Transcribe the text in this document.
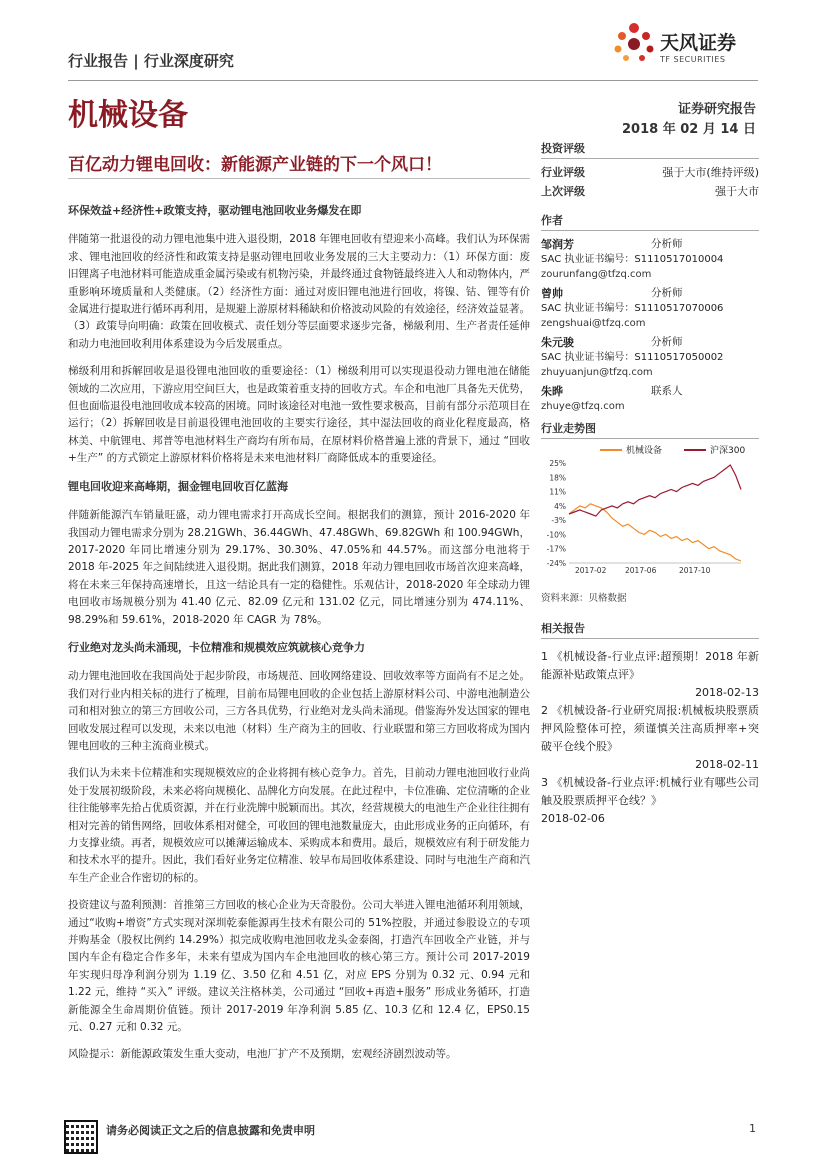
行业报告 | 行业深度研究
天风证券
TF SECURITIES
机械设备	证券研究报告
2018 年 02 月 14 日
百亿动力锂电回收：新能源产业链的下一个风口！
环保效益+经济性+政策支持，驱动锂电池回收业务爆发在即

伴随第一批退役的动力锂电池集中进入退役期，2018 年锂电回收有望迎来小高峰。我们认为环保需求、锂电池回收的经济性和政策支持是驱动锂电回收业务发展的三大主要动力：（1）环保方面：废旧锂离子电池材料可能造成重金属污染或有机物污染，并最终通过食物链最终进入人和动物体内，严重影响环境质量和人类健康。（2）经济性方面：通过对废旧锂电池进行回收，将镍、钴、锂等有价金属进行提取进行循环再利用，是规避上游原材料稀缺和价格波动风险的有效途径，经济效益显著。（3）政策导向明确：政策在回收模式、责任划分等层面要求逐步完备，梯級利用、生产者责任延伸和动力电池回收利用体系建设为今后发展重点。

梯级利用和拆解回收是退役锂电池回收的重要途径：（1）梯级利用可以实现退役动力锂电池在储能领域的二次应用，下游应用空间巨大，也是政策着重支持的回收方式。车企和电池厂具备先天优势，但也面临退役电池回收成本较高的困境。同时该途径对电池一致性要求极高，目前有部分示范项目在运行；（2）拆解回收是目前退役锂电池回收的主要实行途径，其中湿法回收的商业化程度最高，格林美、中航锂电、邦普等电池材料生产商均有所布局，在原材料价格普遍上涨的背景下，通过 “回收+生产” 的方式锁定上游原材料价格将是未来电池材料厂商降低成本的重要途径。

锂电回收迎来高峰期，掘金锂电回收百亿蓝海

伴随新能源汽车销量旺盛，动力锂电需求打开高成长空间。根据我们的测算，预计 2016-2020 年我国动力锂电需求分别为 28.21GWh、36.44GWh、47.48GWh、69.82GWh 和 100.94GWh，2017-2020 年同比增速分别为 29.17%、30.30%、47.05%和 44.57%。而这部分电池将于 2018 年-2025 年之间陆续进入退役期。据此我们测算，2018 年动力锂电回收市场首次迎来高峰，将在未来三年保持高速增长，且这一结论具有一定的稳健性。乐观估计，2018-2020 年全球动力锂电回收市场规模分别为 41.40 亿元、82.09 亿元和 131.02 亿元，同比增速分别为 474.11%、98.29%和 59.61%，2018-2020 年 CAGR 为 78%。

行业绝对龙头尚未涌现，卡位精准和规模效应筑就核心竞争力

动力锂电池回收在我国尚处于起步阶段，市场规范、回收网络建设、回收效率等方面尚有不足之处。我们对行业内相关标的进行了梳理，目前布局锂电回收的企业包括上游原材料公司、中游电池制造公司和相对独立的第三方回收公司，三方各具优势，行业绝对龙头尚未涌现。借鉴海外发达国家的锂电回收发展过程可以发现，未来以电池（材料）生产商为主的回收、行业联盟和第三方回收将成为国内锂电回收的三种主流商业模式。

我们认为未来卡位精准和实现规模效应的企业将拥有核心竞争力。首先，目前动力锂电池回收行业尚处于发展初级阶段，未来必将向规模化、品牌化方向发展。在此过程中，卡位准确、定位清晰的企业往往能够率先拾占优质资源，并在行业洗牌中脱颖而出。其次，经营规模大的电池生产企业往往拥有相对完善的销售网络，回收体系相对健全，可收回的锂电池数量庞大，由此形成业务的正向循环，有力支撑业绩。再者，规模效应可以摊薄运输成本、采购成本和费用。最后，规模效应有利于研发能力和技术水平的提升。因此，我们看好业务定位精准、较早布局回收体系建设、同时与电池生产商和汽车生产企业合作密切的标的。

投资建议与盈利预测：首推第三方回收的核心企业为天奇股份。公司大举进入锂电池循环利用领域，通过“收购+增资”方式实现对深圳乾泰能源再生技术有限公司的 51%控股，并通过参股设立的专项并购基金（股权比例约 14.29%）拟完成收购电池回收龙头金泰阁，打造汽车回收全产业链，并与国内车企有稳定合作多年，未来有望成为国内车企电池回收的核心第三方。预计公司 2017-2019 年实现归母净利润分别为 1.19 亿、3.50 亿和 4.51 亿，对应 EPS 分别为 0.32 元、0.94 元和 1.22 元，维持 “买入” 评级。建议关注格林美，公司通过 “回收+再造+服务” 形成业务循环，打造新能源全生命周期价值链。预计 2017-2019 年净利润 5.85 亿、10.3 亿和 12.4 亿，EPS0.15 元、0.27 元和 0.32 元。

风险提示：新能源政策发生重大变动，电池厂扩产不及预期，宏观经济剧烈波动等。

投资评级
行业评级	强于大市(维持评级)
上次评级	强于大市
作者
邹润芳	分析师
SAC 执业证书编号：S1110517010004
zourunfang@tfzq.com
曾帅	分析师
SAC 执业证书编号：S1110517070006
zengshuai@tfzq.com
朱元骏	分析师
SAC 执业证书编号：S1110517050002
zhuyuanjun@tfzq.com
朱晔	联系人
zhuye@tfzq.com
行业走势图
机械设备	沪深300
25%
18%
11%
4%
-3%
-10%
-17%
-24%
2017-02 2017-06	2017-10
资料来源：贝格数据
相关报告
1 《机械设备-行业点评:超预期！2018 年新能源补贴政策点评》
2018-02-13
2 《机械设备-行业研究周报:机械板块股票质押风险整体可控，须谨慎关注高质押率+突破平仓线个股》
2018-02-11
3 《机械设备-行业点评:机械行业有哪些公司触及股票质押平仓线？》
2018-02-06
请务必阅读正文之后的信息披露和免责申明	1
